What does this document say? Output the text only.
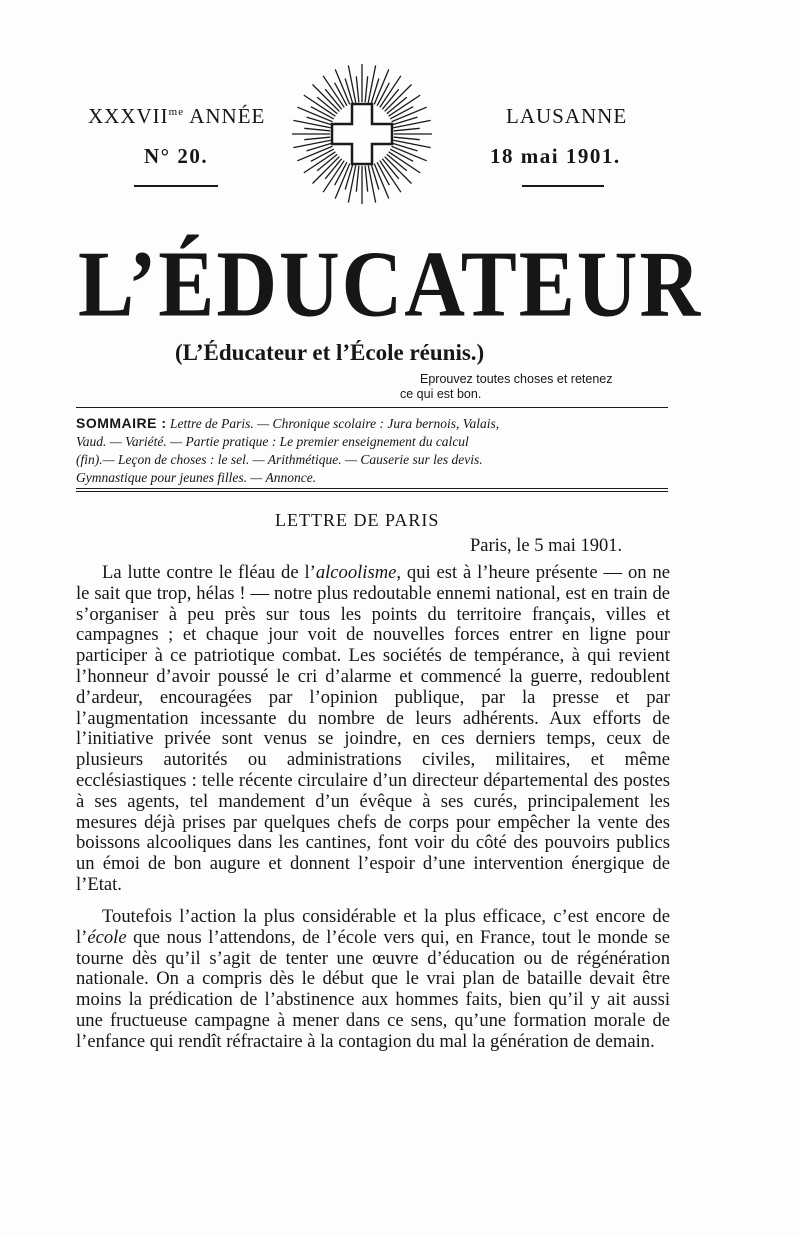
$XXXVII^{me}$ ANNÉE
N° 20.
LAUSANNE
18 mai 1901.
L’ÉDUCATEUR
(L’Éducateur et l’École réunis.)
Eprouvez toutes choses et retenez
ce qui est bon.
SOMMAIRE : Lettre de Paris. — Chronique scolaire : Jura bernois, Valais,
Vaud. — Variété. — Partie pratique : Le premier enseignement du calcul
(fin).— Leçon de choses : le sel. — Arithmétique. — Causerie sur les devis.
Gymnastique pour jeunes filles. — Annonce.
LETTRE DE PARIS
Paris, le 5 mai 1901.
La lutte contre le fléau de l’alcoolisme, qui est à l’heure présente — on ne le sait que trop, hélas ! — notre plus redoutable ennemi national, est en train de s’organiser à peu près sur tous les points du territoire français, villes et campagnes ; et chaque jour voit de nouvelles forces entrer en ligne pour participer à ce patriotique combat. Les sociétés de tempérance, à qui revient l’honneur d’avoir poussé le cri d’alarme et commencé la guerre, redoublent d’ardeur, encouragées par l’opinion publique, par la presse et par l’augmentation incessante du nombre de leurs adhérents. Aux efforts de l’initiative privée sont venus se joindre, en ces derniers temps, ceux de plusieurs autorités ou administrations civiles, militaires, et même ecclésiastiques : telle récente circulaire d’un directeur départemental des postes à ses agents, tel mandement d’un évêque à ses curés, principalement les mesures déjà prises par quelques chefs de corps pour empêcher la vente des boissons alcooliques dans les cantines, font voir du côté des pouvoirs publics un émoi de bon augure et donnent l’espoir d’une intervention énergique de l’Etat.
Toutefois l’action la plus considérable et la plus efficace, c’est encore de l’école que nous l’attendons, de l’école vers qui, en France, tout le monde se tourne dès qu’il s’agit de tenter une œuvre d’éducation ou de régénération nationale. On a compris dès le début que le vrai plan de bataille devait être moins la prédication de l’abstinence aux hommes faits, bien qu’il y ait aussi une fructueuse campagne à mener dans ce sens, qu’une formation morale de l’enfance qui rendît réfractaire à la contagion du mal la génération de demain.
